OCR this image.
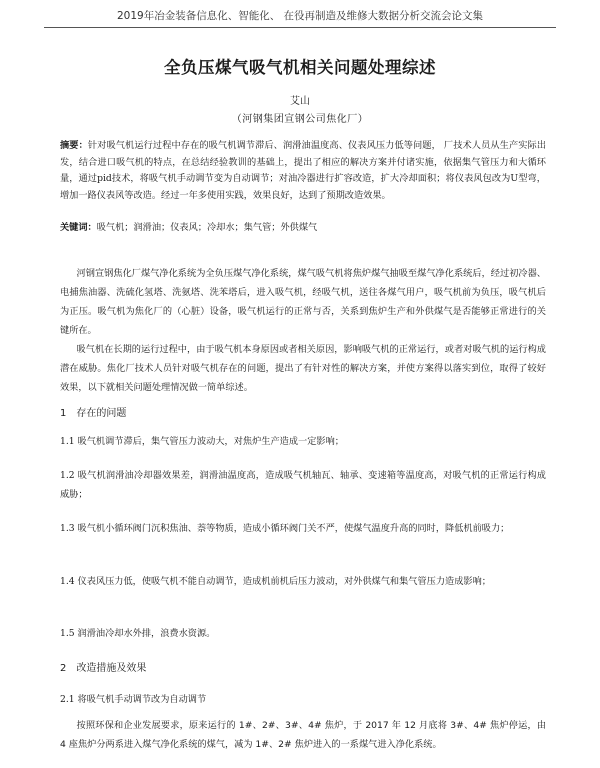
2019年冶金装备信息化、智能化、 在役再制造及维修大数据分析交流会论文集
全负压煤气吸气机相关问题处理综述
艾山
（河钢集团宣钢公司焦化厂）
摘要：针对吸气机运行过程中存在的吸气机调节滞后、润滑油温度高、仪表风压力低等问题， 厂技术人员从生产实际出发，结合进口吸气机的特点，在总结经验教训的基础上，提出了相应的解决方案并付诸实施，依据集气管压力和大循环量，通过pid技术，将吸气机手动调节变为自动调节；对油冷器进行扩容改造，扩大冷却面积；将仪表风包改为U型弯，增加一路仪表风等改造。经过一年多使用实践，效果良好，达到了预期改造效果。
关键词：吸气机；润滑油；仪表风；冷却水；集气管；外供煤气

河钢宣钢焦化厂煤气净化系统为全负压煤气净化系统，煤气吸气机将焦炉煤气抽吸至煤气净化系统后，经过初冷器、电捕焦油器、洗硫化氢塔、洗氨塔、洗苯塔后，进入吸气机，经吸气机，送往各煤气用户，吸气机前为负压，吸气机后为正压。吸气机为焦化厂的（心脏）设备，吸气机运行的正常与否，关系到焦炉生产和外供煤气是否能够正常进行的关键所在。

吸气机在长期的运行过程中，由于吸气机本身原因或者相关原因，影响吸气机的正常运行，或者对吸气机的运行构成潜在威胁。焦化厂技术人员针对吸气机存在的问题，提出了有针对性的解决方案，并使方案得以落实到位，取得了较好效果，以下就相关问题处理情况做一简单综述。

1　存在的问题
1.1 吸气机调节滞后，集气管压力波动大，对焦炉生产造成一定影响；
1.2 吸气机润滑油冷却器效果差，润滑油温度高，造成吸气机轴瓦、轴承、变速箱等温度高，对吸气机的正常运行构成威胁；
1.3 吸气机小循环阀门沉积焦油、萘等物质，造成小循环阀门关不严，使煤气温度升高的同时，降低机前吸力；
1.4 仪表风压力低，使吸气机不能自动调节，造成机前机后压力波动，对外供煤气和集气管压力造成影响；
1.5 润滑油冷却水外排，浪费水资源。
2　改造措施及效果
2.1 将吸气机手动调节改为自动调节

按照环保和企业发展要求，原来运行的 1#、2#、3#、4# 焦炉，于 2017 年 12 月底将 3#、4# 焦炉停运，由 4 座焦炉分两系进入煤气净化系统的煤气，减为 1#、2# 焦炉进入的一系煤气进入净化系统。
